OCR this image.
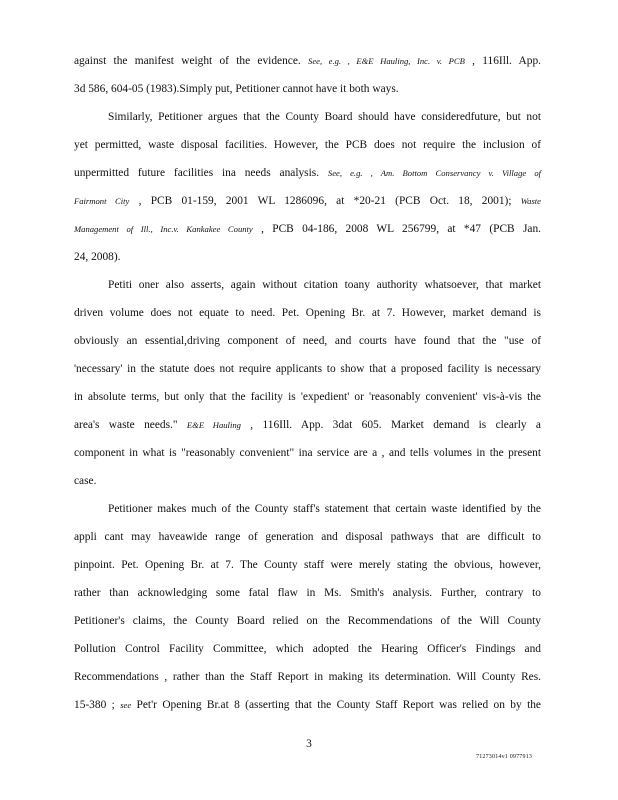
against the manifest weight of the evidence. See, e.g. , E&E Hauling, Inc. v. PCB , 116Ill. App.
3d 586, 604-05 (1983).Simply put, Petitioner cannot have it both ways.
Similarly, Petitioner argues that the County Board should have consideredfuture, but not
yet permitted, waste disposal facilities. However, the PCB does not require the inclusion of
unpermitted future facilities ina needs analysis. See, e.g. , Am. Bottom Conservancy v. Village of
Fairmont City , PCB 01-159, 2001 WL 1286096, at *20-21 (PCB Oct. 18, 2001); Waste
Management of Ill., Inc.v. Kankakee County , PCB 04-186, 2008 WL 256799, at *47 (PCB Jan.
24, 2008).
Petiti oner also asserts, again without citation toany authority whatsoever, that market
driven volume does not equate to need. Pet. Opening Br. at 7. However, market demand is
obviously an essential,driving component of need, and courts have found that the "use of
'necessary' in the statute does not require applicants to show that a proposed facility is necessary
in absolute terms, but only that the facility is 'expedient' or 'reasonably convenient' vis-à-vis the
area's waste needs." E&E Hauling , 116Ill. App. 3dat 605. Market demand is clearly a
component in what is "reasonably convenient" ina service are a , and tells volumes in the present
case.
Petitioner makes much of the County staff's statement that certain waste identified by the
appli cant may haveawide range of generation and disposal pathways that are difficult to
pinpoint. Pet. Opening Br. at 7. The County staff were merely stating the obvious, however,
rather than acknowledging some fatal flaw in Ms. Smith's analysis. Further, contrary to
Petitioner's claims, the County Board relied on the Recommendations of the Will County
Pollution Control Facility Committee, which adopted the Hearing Officer's Findings and
Recommendations , rather than the Staff Report in making its determination. Will County Res.
15-380 ; see Pet'r Opening Br.at 8 (asserting that the County Staff Report was relied on by the
3
71273014v1 0977913
